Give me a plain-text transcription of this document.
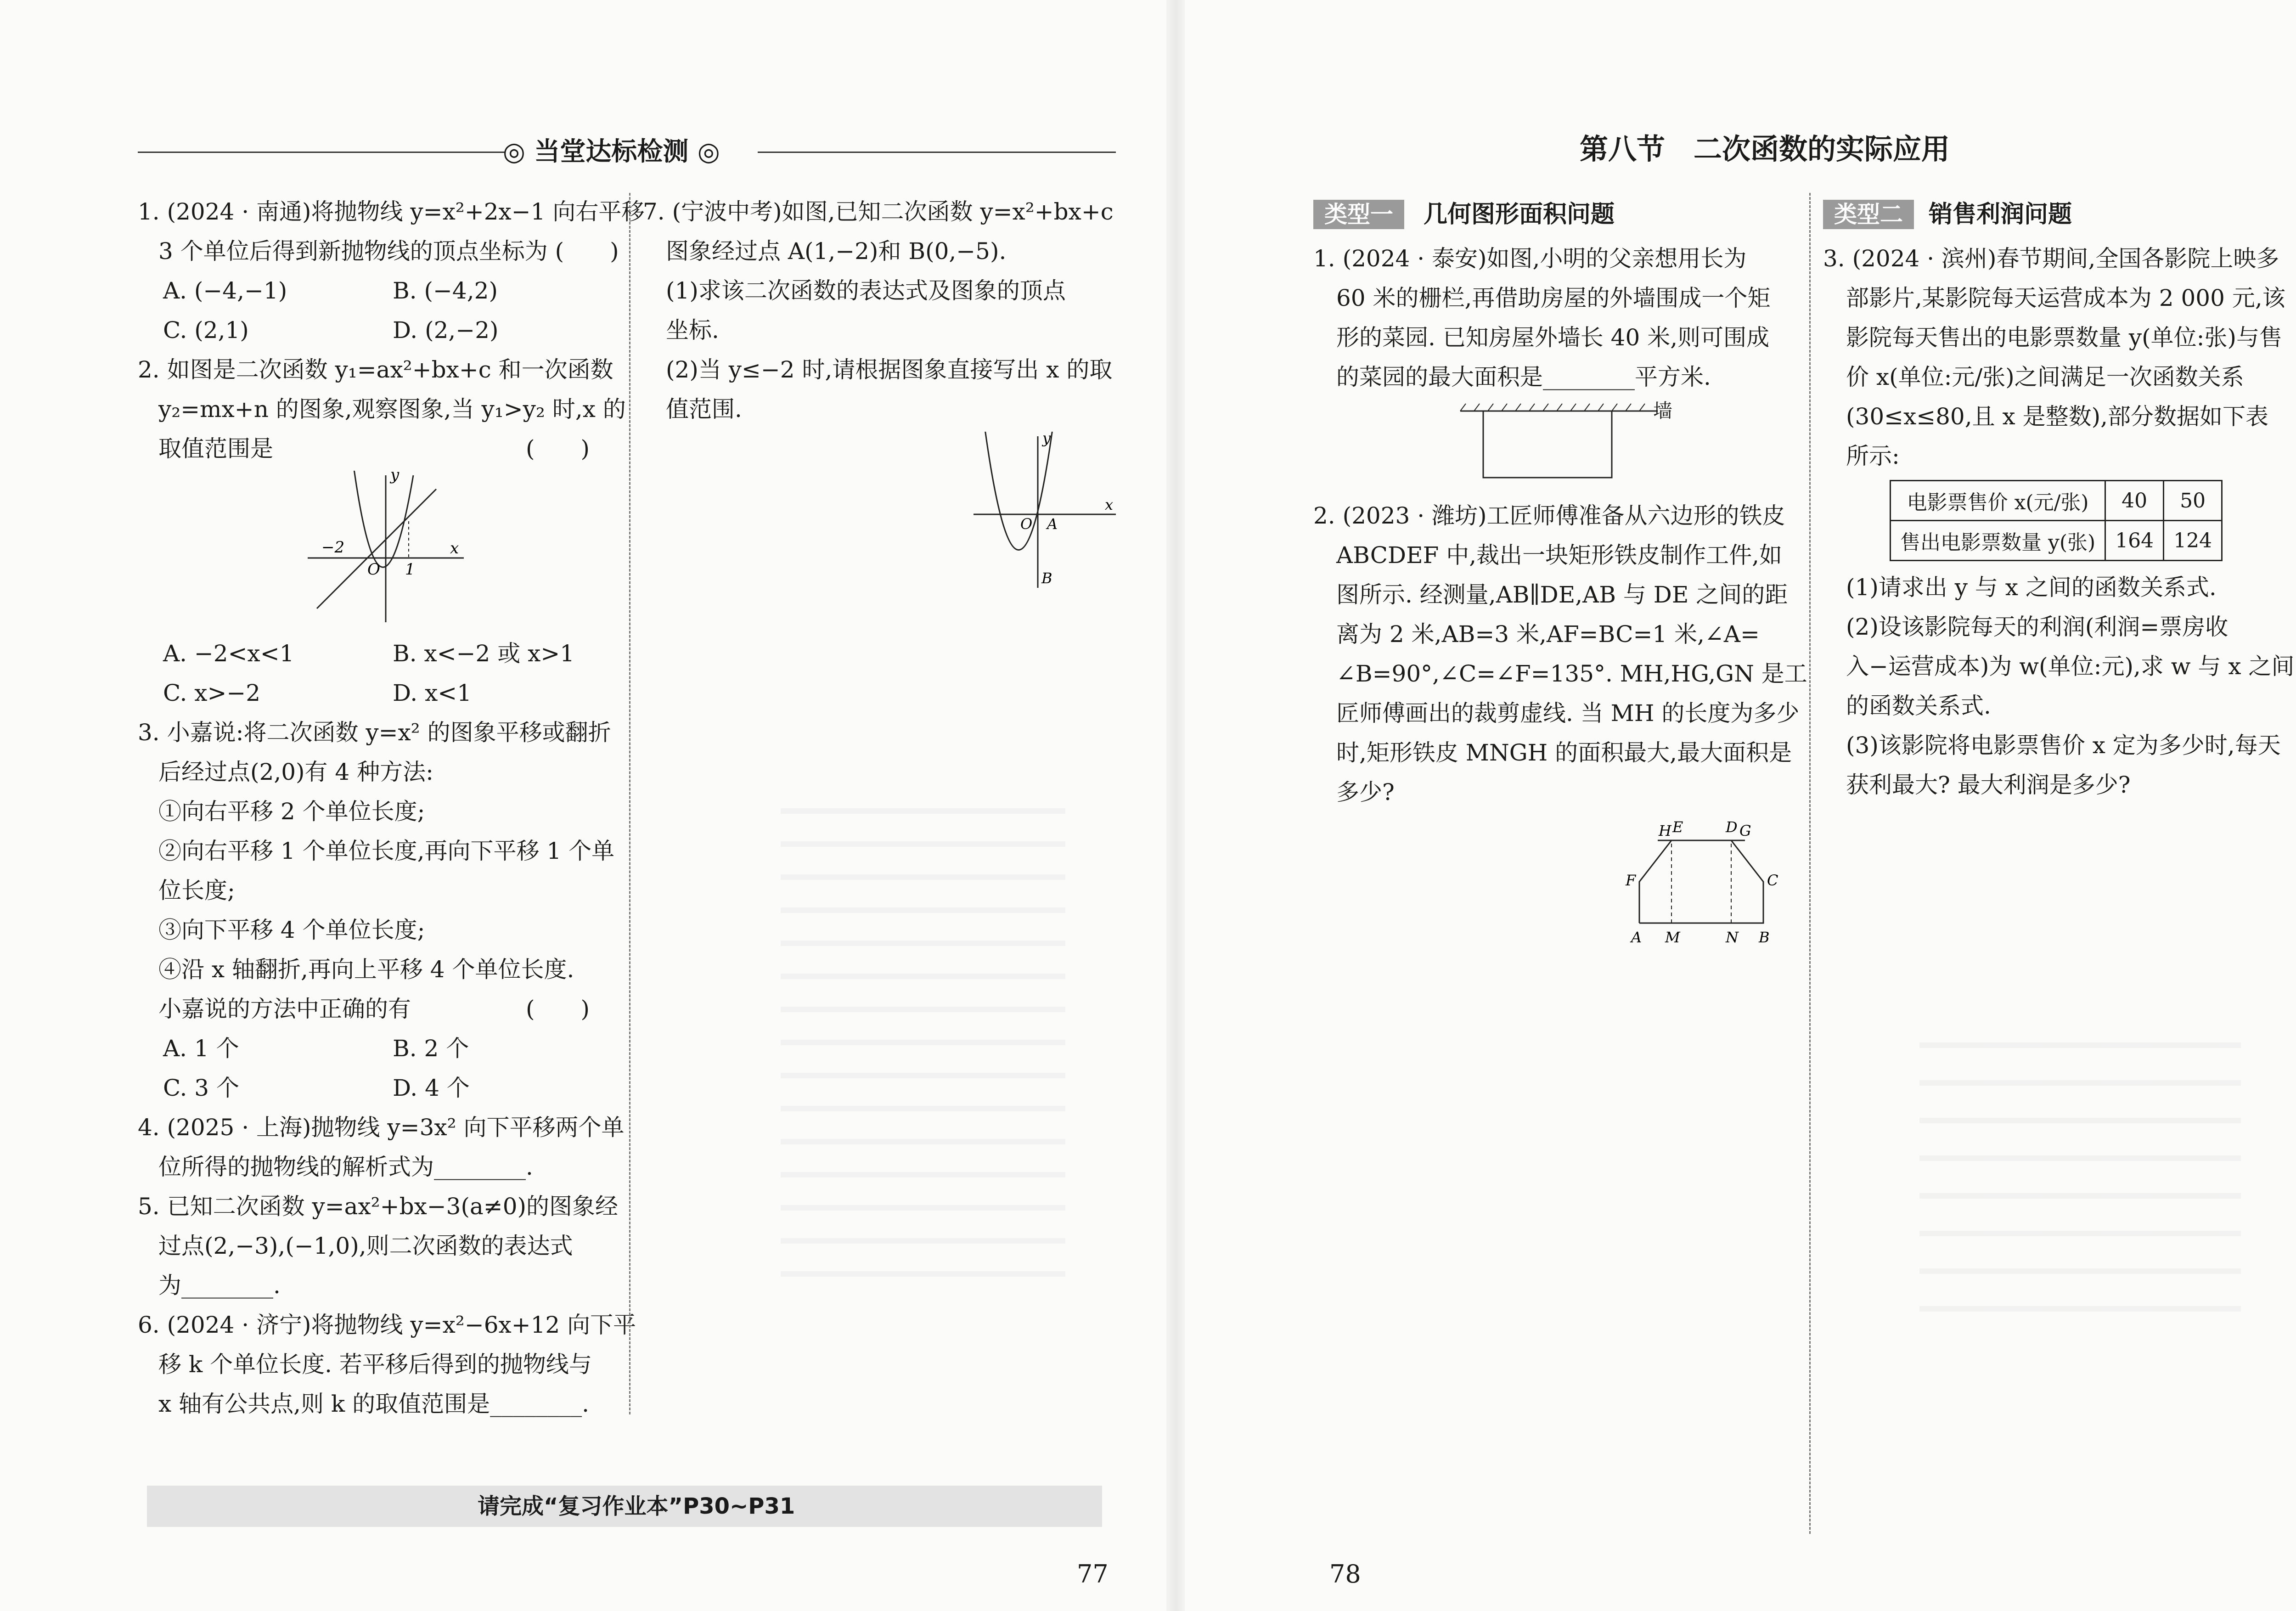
◎ 当堂达标检测 ◎
1. (2024 · 南通)将抛物线 y=x²+2x−1 向右平移
3 个单位后得到新抛物线的顶点坐标为 (　　)
A. (−4,−1)	B. (−4,2)
C. (2,1)	D. (2,−2)
2. 如图是二次函数 y₁=ax²+bx+c 和一次函数
y₂=mx+n 的图象,观察图象,当 y₁>y₂ 时,x 的
取值范围是　　　　　　　　　　　(　　)
y
x
−2
O 1
A. −2<x<1	B. x<−2 或 x>1
C. x>−2	D. x<1
3. 小嘉说:将二次函数 y=x² 的图象平移或翻折
后经过点(2,0)有 4 种方法:
①向右平移 2 个单位长度;
②向右平移 1 个单位长度,再向下平移 1 个单
位长度;
③向下平移 4 个单位长度;
④沿 x 轴翻折,再向上平移 4 个单位长度.
小嘉说的方法中正确的有　　　　　(　　)
A. 1 个	B. 2 个
C. 3 个	D. 4 个
4. (2025 · 上海)抛物线 y=3x² 向下平移两个单
位所得的抛物线的解析式为________.
5. 已知二次函数 y=ax²+bx−3(a≠0)的图象经
过点(2,−3),(−1,0),则二次函数的表达式
为________.
6. (2024 · 济宁)将抛物线 y=x²−6x+12 向下平
移 k 个单位长度. 若平移后得到的抛物线与
x 轴有公共点,则 k 的取值范围是________.
7. (宁波中考)如图,已知二次函数 y=x²+bx+c
图象经过点 A(1,−2)和 B(0,−5).
(1)求该二次函数的表达式及图象的顶点
坐标.
(2)当 y≤−2 时,请根据图象直接写出 x 的取
值范围.
y
x
O A
B
请完成“复习作业本”P30~P31
77
第八节　二次函数的实际应用
类型一	几何图形面积问题
1. (2024 · 泰安)如图,小明的父亲想用长为
60 米的栅栏,再借助房屋的外墙围成一个矩
形的菜园. 已知房屋外墙长 40 米,则可围成
的菜园的最大面积是________平方米.
墙
2. (2023 · 潍坊)工匠师傅准备从六边形的铁皮
ABCDEF 中,裁出一块矩形铁皮制作工件,如
图所示. 经测量,AB∥DE,AB 与 DE 之间的距
离为 2 米,AB=3 米,AF=BC=1 米,∠A=
∠B=90°,∠C=∠F=135°. MH,HG,GN 是工
匠师傅画出的裁剪虚线. 当 MH 的长度为多少
时,矩形铁皮 MNGH 的面积最大,最大面积是
多少?
H E	D G
F	C
A M	N B
类型二	销售利润问题
3. (2024 · 滨州)春节期间,全国各影院上映多
部影片,某影院每天运营成本为 2 000 元,该
影院每天售出的电影票数量 y(单位:张)与售
价 x(单位:元/张)之间满足一次函数关系
(30≤x≤80,且 x 是整数),部分数据如下表
所示:
电影票售价 x(元/张)	40	50
售出电影票数量 y(张)	164	124
(1)请求出 y 与 x 之间的函数关系式.
(2)设该影院每天的利润(利润=票房收
入−运营成本)为 w(单位:元),求 w 与 x 之间
的函数关系式.
(3)该影院将电影票售价 x 定为多少时,每天
获利最大? 最大利润是多少?
78
